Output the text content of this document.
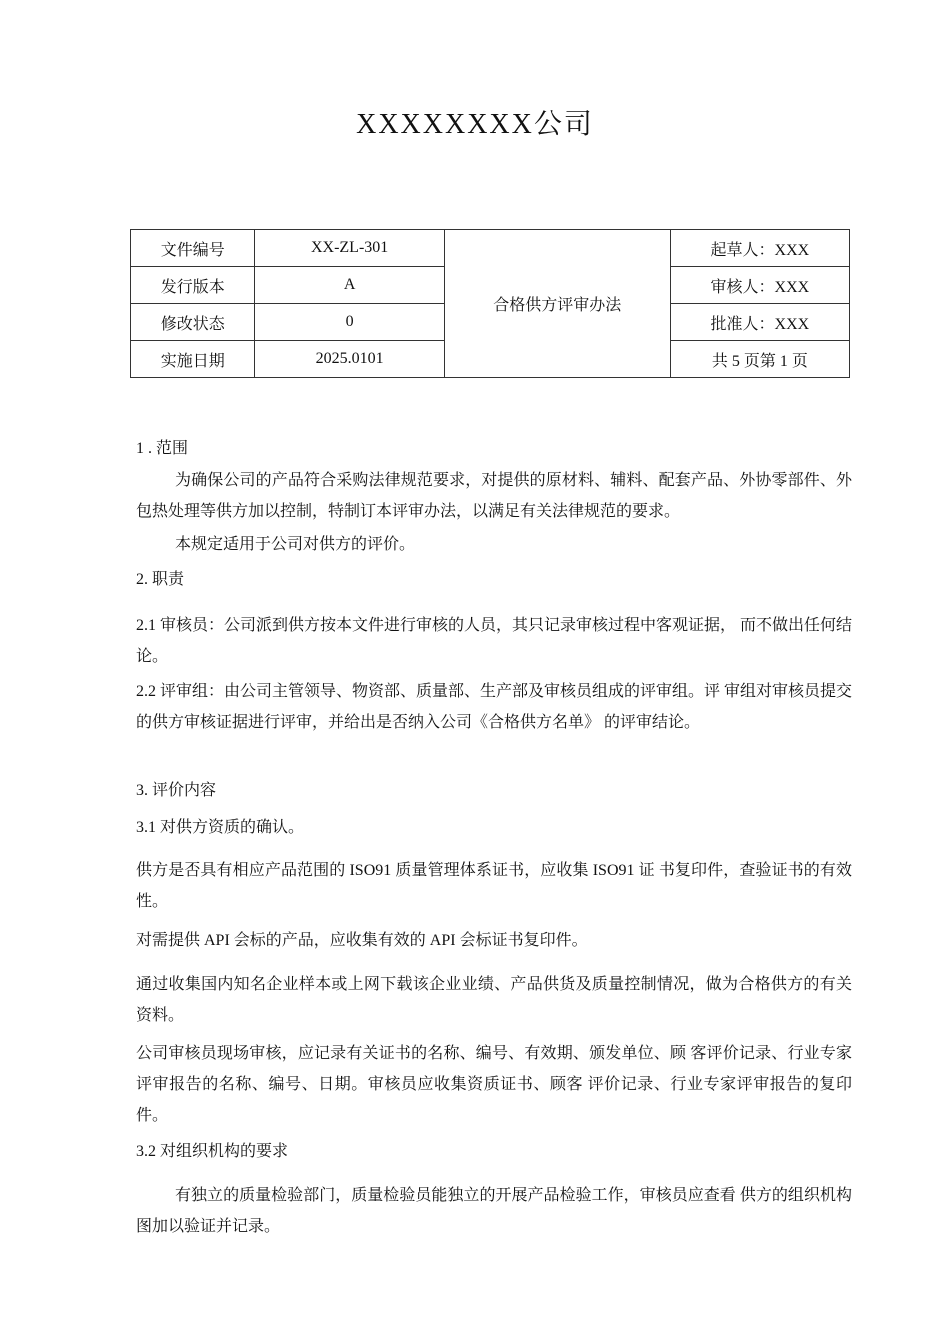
XXXXXXXX公司
文件编号	XX-ZL-301	合格供方评审办法	起草人：XXX
发行版本	A		审核人：XXX
修改状态	0		批准人：XXX
实施日期	2025.0101		共 5 页第 1 页

1 . 范围

为确保公司的产品符合采购法律规范要求，对提供的原材料、辅料、配套产品、外协零部件、外包热处理等供方加以控制，特制订本评审办法，以满足有关法律规范的要求。

本规定适用于公司对供方的评价。

2. 职责

2.1 审核员：公司派到供方按本文件进行审核的人员，其只记录审核过程中客观证据， 而不做出任何结论。

2.2 评审组：由公司主管领导、物资部、质量部、生产部及审核员组成的评审组。评 审组对审核员提交的供方审核证据进行评审，并给出是否纳入公司《合格供方名单》 的评审结论。

3. 评价内容

3.1 对供方资质的确认。

供方是否具有相应产品范围的 ISO91 质量管理体系证书，应收集 ISO91 证 书复印件，查验证书的有效性。

对需提供 API 会标的产品，应收集有效的 API 会标证书复印件。

通过收集国内知名企业样本或上网下载该企业业绩、产品供货及质量控制情况，做为合格供方的有关资料。

公司审核员现场审核，应记录有关证书的名称、编号、有效期、颁发单位、顾 客评价记录、行业专家评审报告的名称、编号、日期。审核员应收集资质证书、顾客 评价记录、行业专家评审报告的复印件。

3.2 对组织机构的要求

有独立的质量检验部门，质量检验员能独立的开展产品检验工作，审核员应查看 供方的组织机构图加以验证并记录。
